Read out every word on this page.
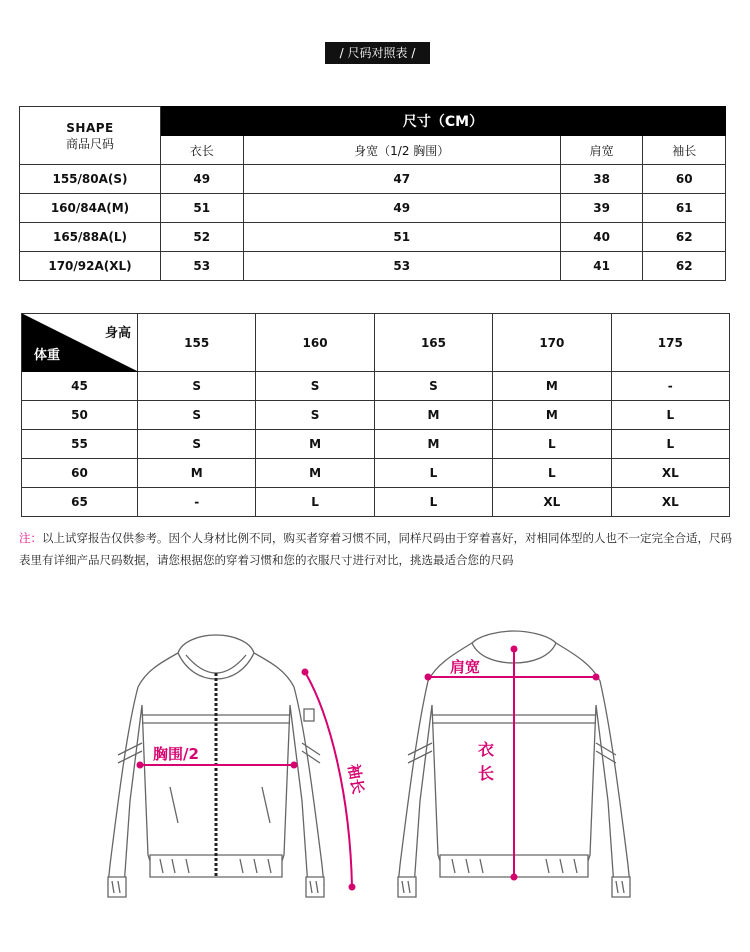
/ 尺码对照表 /
SHAPE
商品尺码	尺寸（CM）			
	衣长	身宽（1/2 胸围）	肩宽	袖长
155/80A(S)	49	47	38	60
160/84A(M)	51	49	39	61
165/88A(L)	52	51	40	62
170/92A(XL)	53	53	41	62
身高
体重	155	160	165	170	175
45	S	S	S	M	-
50	S	S	M	M	L
55	S	M	M	L	L
60	M	M	L	L	XL
65	-	L	L	XL	XL
注：以上试穿报告仅供参考。因个人身材比例不同，购买者穿着习惯不同，同样尺码由于穿着喜好，对相同体型的人也不一定完全合适，尺码表里有详细产品尺码数据，请您根据您的穿着习惯和您的衣服尺寸进行对比，挑选最适合您的尺码
胸围/2
袖长
肩宽
衣
长
